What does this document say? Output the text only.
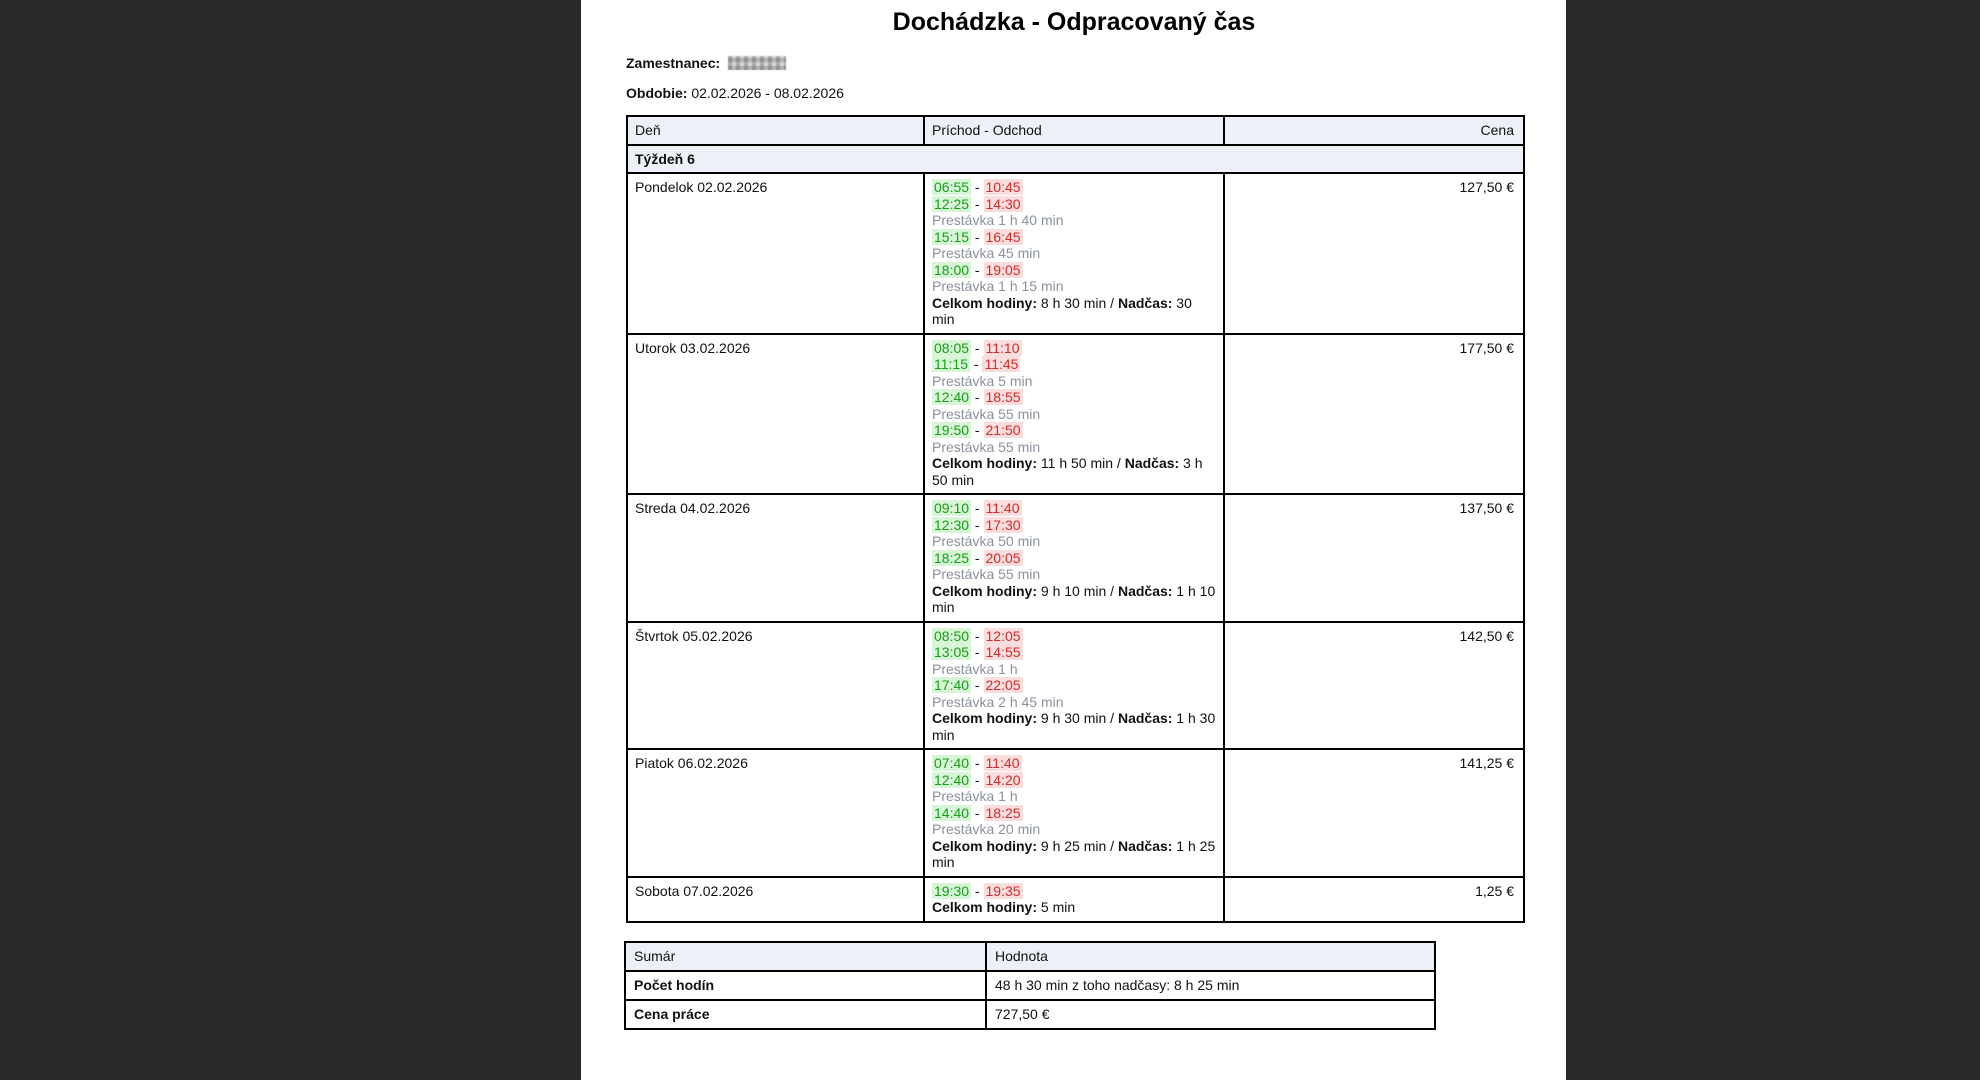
Dochádzka - Odpracovaný čas

Zamestnanec:

Obdobie: 02.02.2026 - 08.02.2026

Deň	Príchod - Odchod	Cena
Týždeň 6		
Pondelok 02.02.2026	06:55 - 10:45
12:25 - 14:30
Prestávka 1 h 40 min
15:15 - 16:45
Prestávka 45 min
18:00 - 19:05
Prestávka 1 h 15 min
Celkom hodiny: 8 h 30 min / Nadčas: 30 min
	127,50 €
Utorok 03.02.2026	08:05 - 11:10
11:15 - 11:45
Prestávka 5 min
12:40 - 18:55
Prestávka 55 min
19:50 - 21:50
Prestávka 55 min
Celkom hodiny: 11 h 50 min / Nadčas: 3 h 50 min
	177,50 €
Streda 04.02.2026	09:10 - 11:40
12:30 - 17:30
Prestávka 50 min
18:25 - 20:05
Prestávka 55 min
Celkom hodiny: 9 h 10 min / Nadčas: 1 h 10 min
	137,50 €
Štvrtok 05.02.2026	08:50 - 12:05
13:05 - 14:55
Prestávka 1 h
17:40 - 22:05
Prestávka 2 h 45 min
Celkom hodiny: 9 h 30 min / Nadčas: 1 h 30 min
	142,50 €
Piatok 06.02.2026	07:40 - 11:40
12:40 - 14:20
Prestávka 1 h
14:40 - 18:25
Prestávka 20 min
Celkom hodiny: 9 h 25 min / Nadčas: 1 h 25 min
	141,25 €
Sobota 07.02.2026	19:30 - 19:35
Celkom hodiny: 5 min	1,25 €
Sumár	Hodnota
Počet hodín	48 h 30 min z toho nadčasy: 8 h 25 min
Cena práce	727,50 €
